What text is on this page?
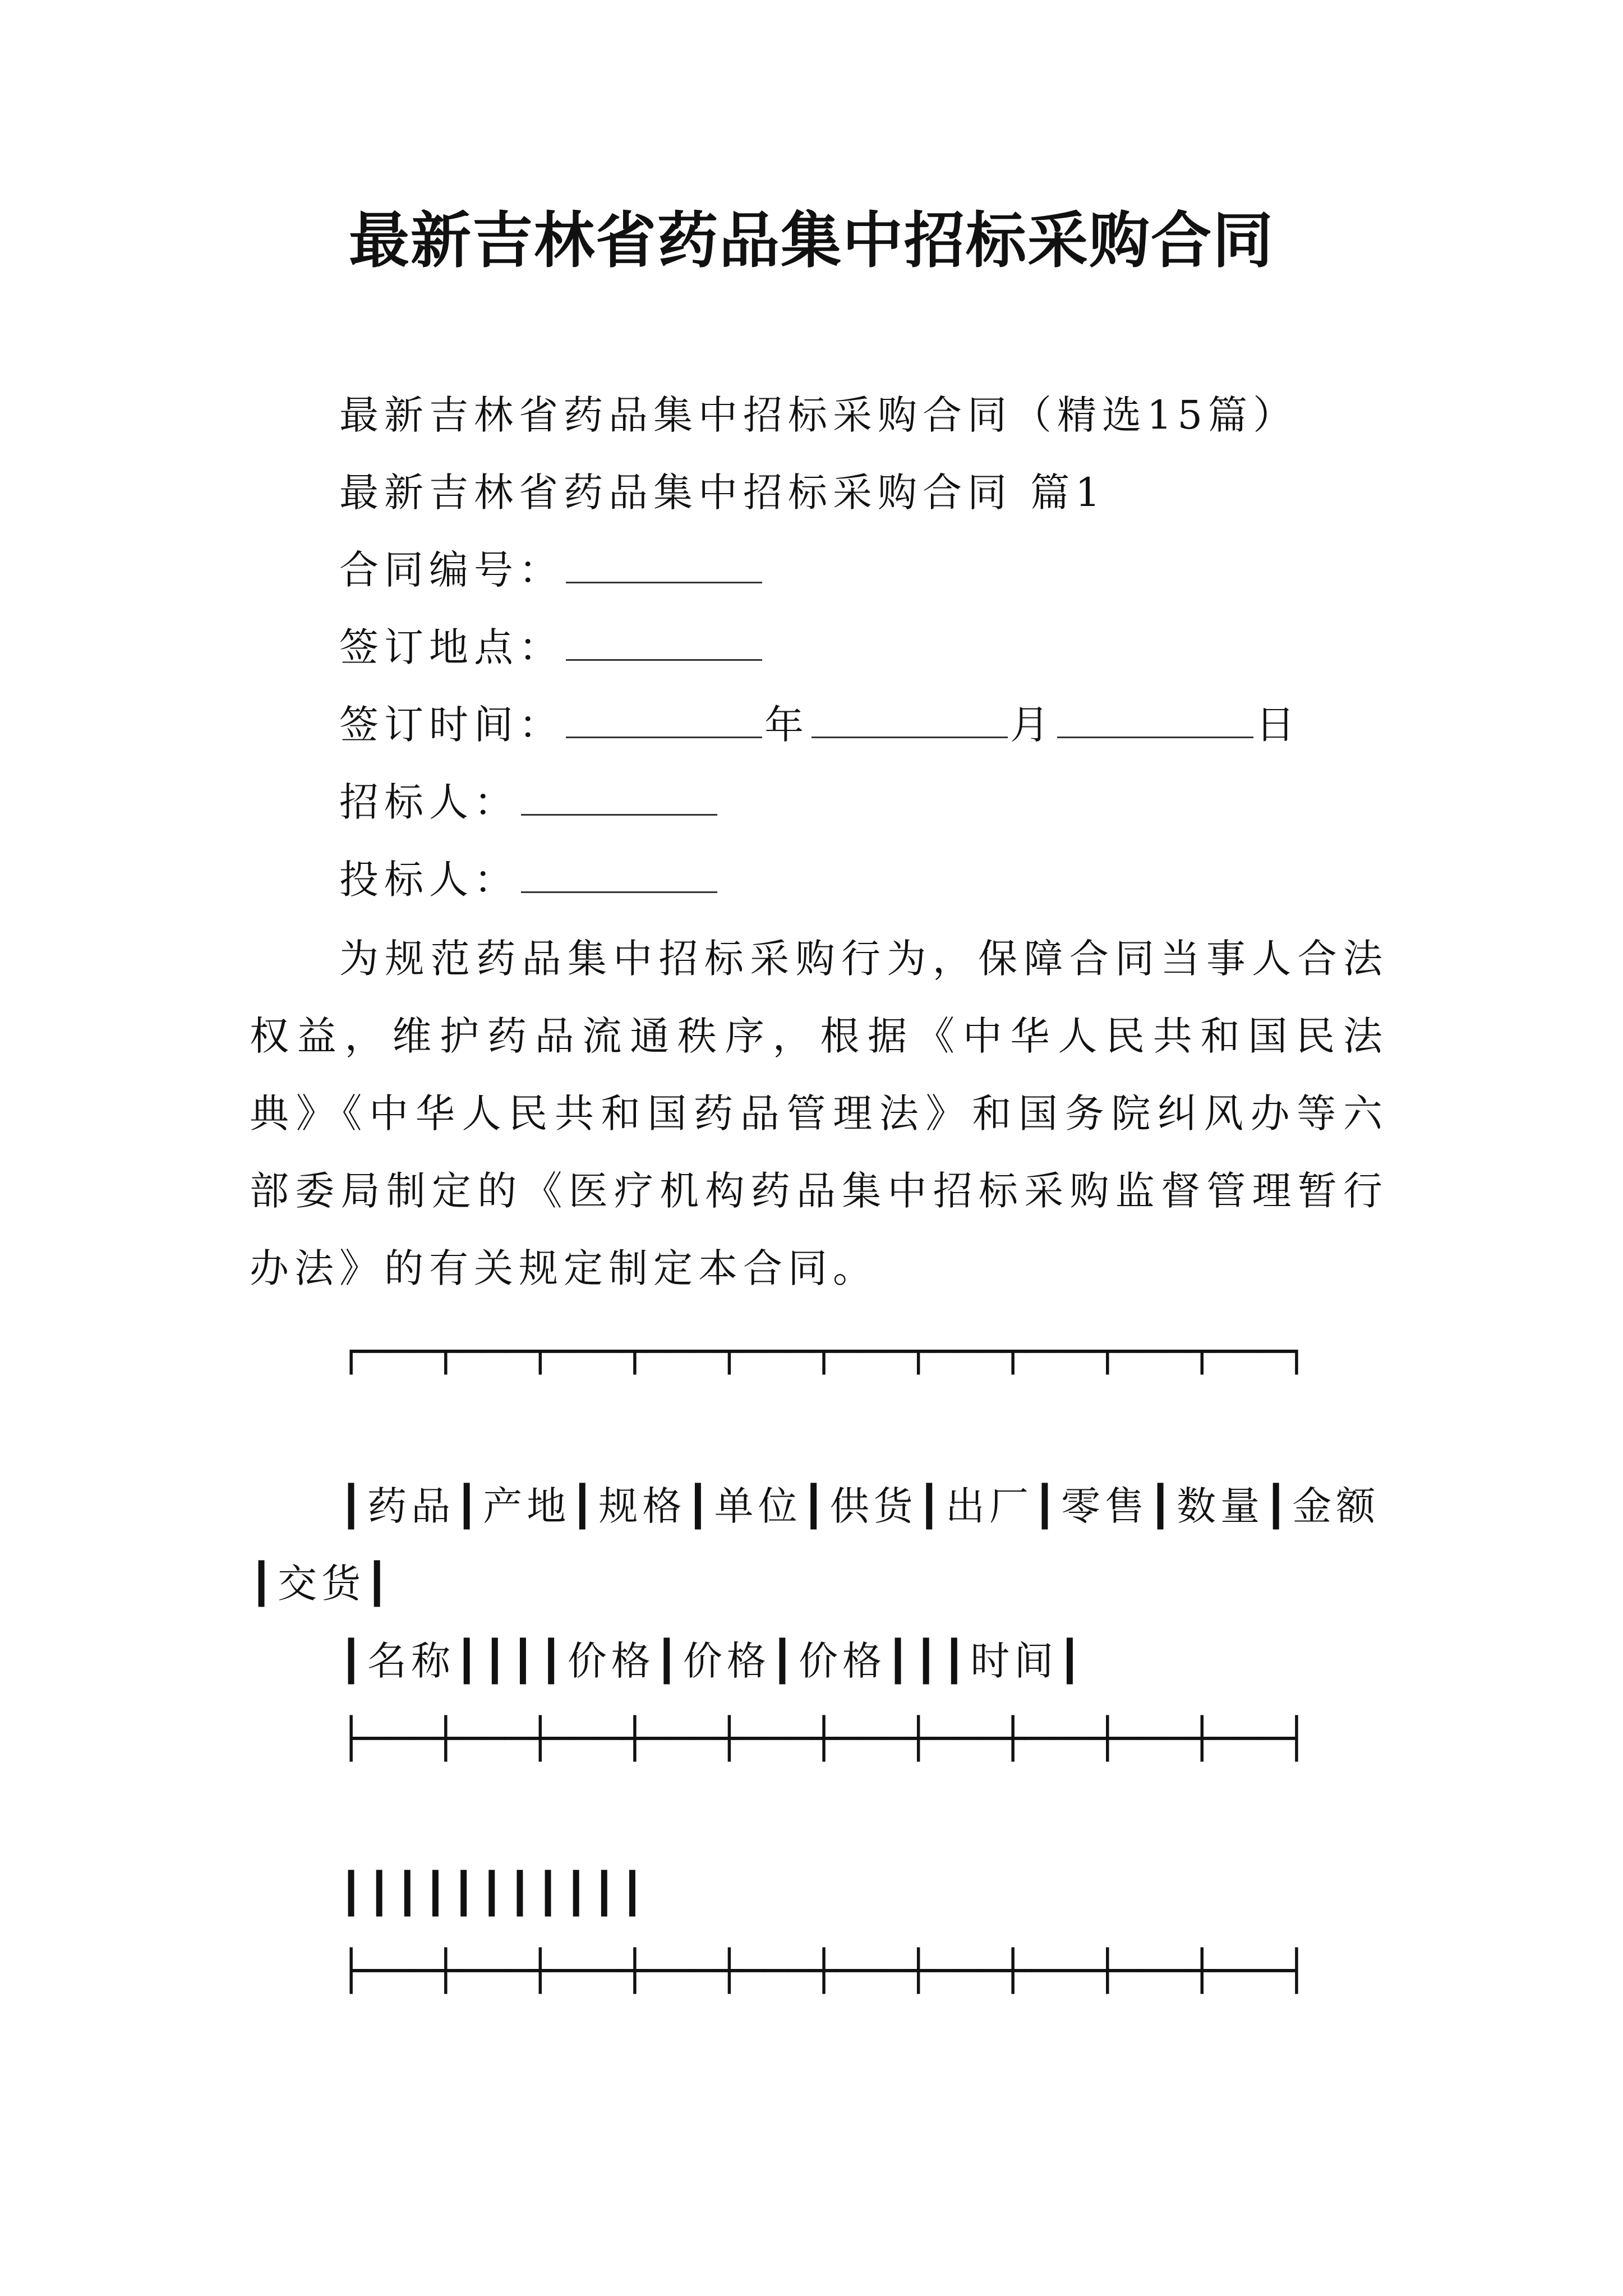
最新吉林省药品集中招标采购合同
最新吉林省药品集中招标采购合同（精选15篇）
最新吉林省药品集中招标采购合同 篇1
合同编号：
签订地点：
签订时间：	年	月	日
招标人：
投标人：
为规范药品集中招标采购行为，保障合同当事人合法权益，维护药品流通秩序，根据《中华人民共和国民法典》《中华人民共和国药品管理法》和国务院纠风办等六部委局制定的《医疗机构药品集中招标采购监督管理暂行办法》的有关规定制定本合同。
┌───┬───┬───┬───┬───┬───┬───┬───┬───┬───┐
┃药品┃产地┃规格┃单位┃供货┃出厂┃零售┃数量┃金额┃交货┃
┃名称┃┃┃┃价格┃价格┃价格┃┃┃时间┃
├───┼───┼───┼───┼───┼───┼───┼───┼───┼───┤
┃┃┃┃┃┃┃┃┃┃┃
├───┼───┼───┼───┼───┼───┼───┼───┼───┼───┤
